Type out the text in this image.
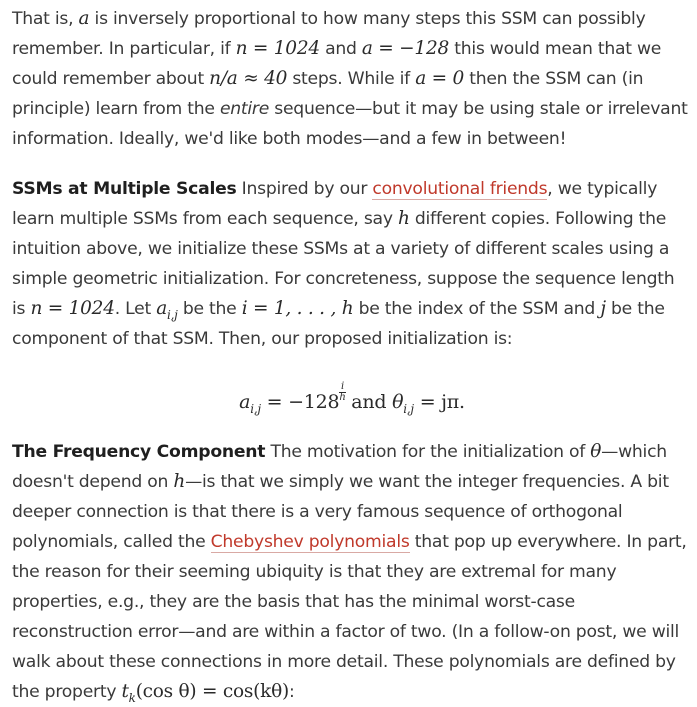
That is, a is inversely proportional to how many steps this SSM can possibly remember. In particular, if n = 1024 and a = −128 this would mean that we could remember about n/a ≈ 40 steps. While if a = 0 then the SSM can (in principle) learn from the entire sequence—but it may be using stale or irrelevant information. Ideally, we'd like both modes—and a few in between!

SSMs at Multiple Scales Inspired by our convolutional friends, we typically learn multiple SSMs from each sequence, say h different copies. Following the intuition above, we initialize these SSMs at a variety of different scales using a simple geometric initialization. For concreteness, suppose the sequence length is n = 1024. Let $a_{i,j}$ be the i = 1, . . . , h be the index of the SSM and j be the component of that SSM. Then, our proposed initialization is:

$a_{i,j} = -128$ $^{\frac{i}{h}}$ and $\theta_{i,j} = j\pi$.

The Frequency Component The motivation for the initialization of θ—which doesn't depend on h—is that we simply we want the integer frequencies. A bit deeper connection is that there is a very famous sequence of orthogonal polynomials, called the Chebyshev polynomials that pop up everywhere. In part, the reason for their seeming ubiquity is that they are extremal for many properties, e.g., they are the basis that has the minimal worst-case reconstruction error—and are within a factor of two. (In a follow-on post, we will walk about these connections in more detail. These polynomials are defined by the property $t_k(\cos$ θ) = cos(kθ):
